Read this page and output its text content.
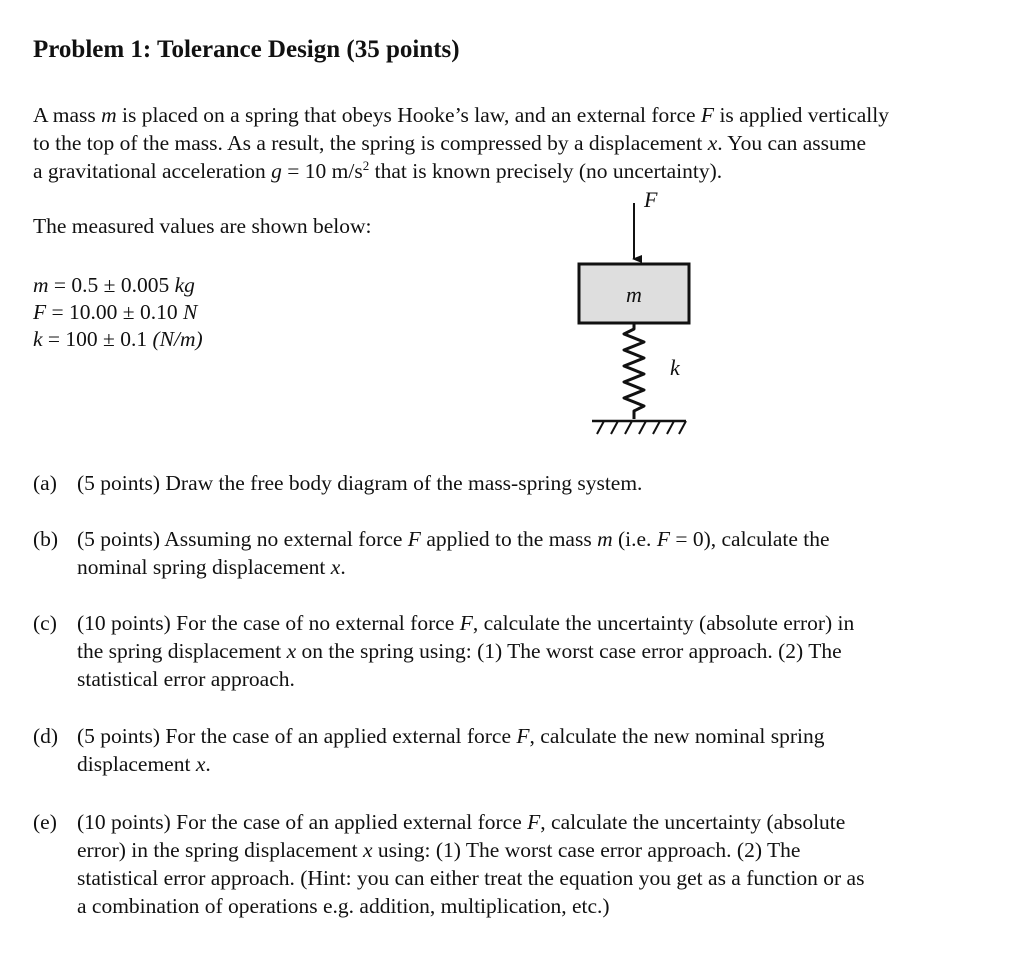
Problem 1: Tolerance Design (35 points)
A mass m is placed on a spring that obeys Hooke’s law, and an external force F is applied vertically
to the top of the mass. As a result, the spring is compressed by a displacement x. You can assume
a gravitational acceleration g = 10 $m/s^2$ that is known precisely (no uncertainty).
The measured values are shown below:
m = 0.5 ± 0.005 kg
F = 10.00 ± 0.10 N
k = 100 ± 0.1 (N/m)
F
m
k
(a) (5 points) Draw the free body diagram of the mass-spring system.
(b) (5 points) Assuming no external force F applied to the mass m (i.e. F = 0), calculate the
nominal spring displacement x.
(c) (10 points) For the case of no external force F, calculate the uncertainty (absolute error) in
the spring displacement x on the spring using: (1) The worst case error approach. (2) The
statistical error approach.
(d) (5 points) For the case of an applied external force F, calculate the new nominal spring
displacement x.
(e) (10 points) For the case of an applied external force F, calculate the uncertainty (absolute
error) in the spring displacement x using: (1) The worst case error approach. (2) The
statistical error approach. (Hint: you can either treat the equation you get as a function or as
a combination of operations e.g. addition, multiplication, etc.)
